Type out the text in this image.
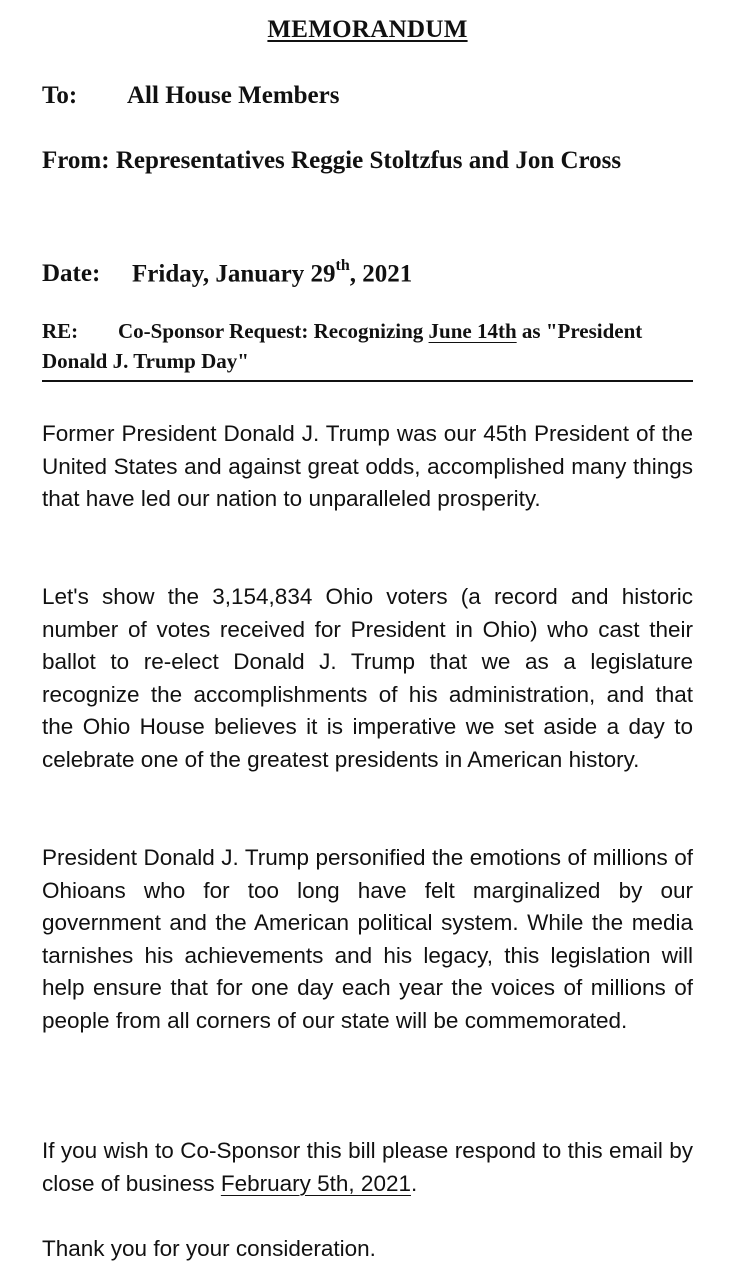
MEMORANDUM
To: All House Members
From: Representatives Reggie Stoltzfus and Jon Cross
Date: Friday, January 29th, 2021
RE: Co-Sponsor Request: Recognizing June 14th as "President Donald J. Trump Day"
Former President Donald J. Trump was our 45th President of the United States and against great odds, accomplished many things that have led our nation to unparalleled prosperity.
Let's show the 3,154,834 Ohio voters (a record and historic number of votes received for President in Ohio) who cast their ballot to re-elect Donald J. Trump that we as a legislature recognize the accomplishments of his administration, and that the Ohio House believes it is imperative we set aside a day to celebrate one of the greatest presidents in American history.
President Donald J. Trump personified the emotions of millions of Ohioans who for too long have felt marginalized by our government and the American political system. While the media tarnishes his achievements and his legacy, this legislation will help ensure that for one day each year the voices of millions of people from all corners of our state will be commemorated.
If you wish to Co-Sponsor this bill please respond to this email by close of business February 5th, 2021.
Thank you for your consideration.
